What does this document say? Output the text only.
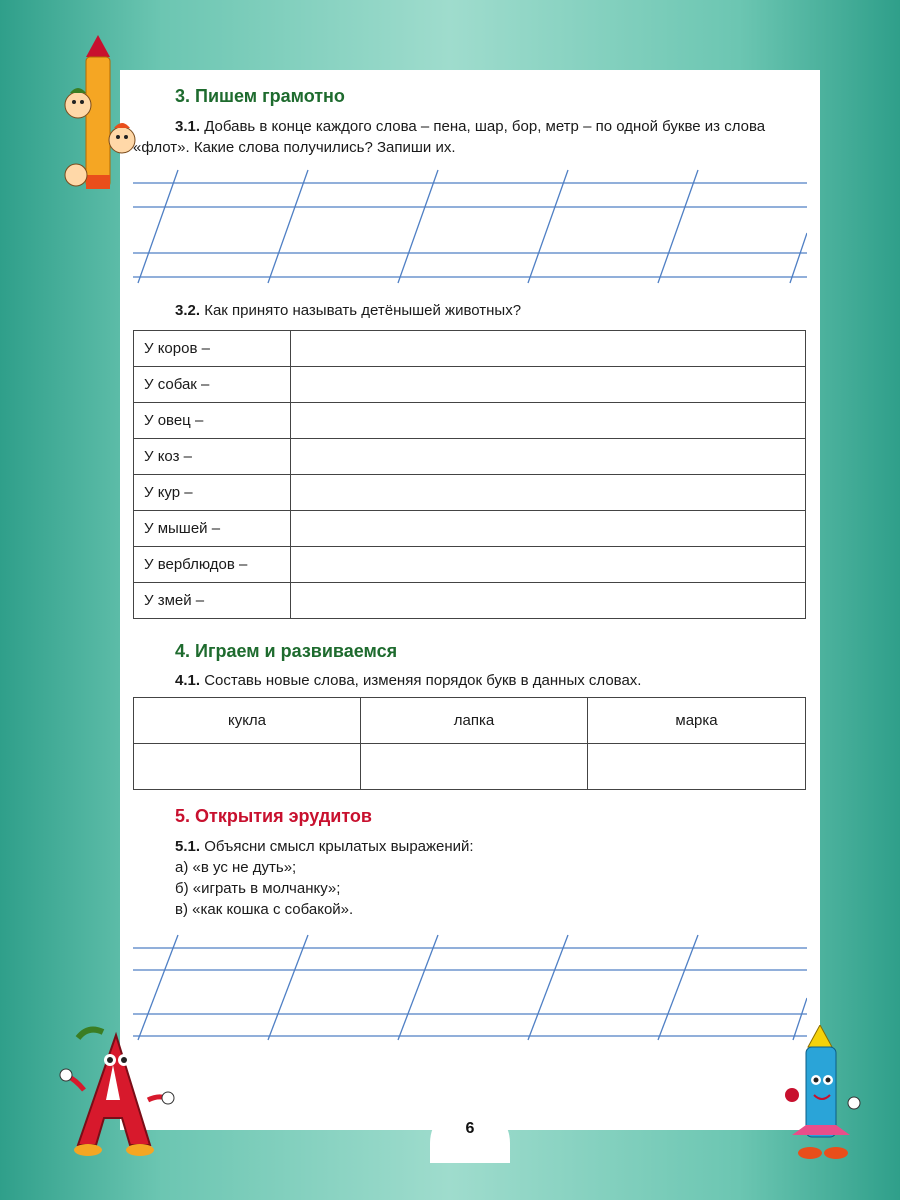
3. Пишем грамотно
3.1. Добавь в конце каждого слова – пена, шар, бор, метр – по одной букве из слова «флот». Какие слова получились? Запиши их.
3.2. Как принято называть детёнышей животных?
У коров –	
У собак –	
У овец –	
У коз –	
У кур –	
У мышей –	
У верблюдов –	
У змей –	
4. Играем и развиваемся
4.1. Составь новые слова, изменяя порядок букв в данных словах.
кукла	лапка	марка

5. Открытия эрудитов
5.1. Объясни смысл крылатых выражений:
а) «в ус не дуть»;
б) «играть в молчанку»;
в) «как кошка с собакой».
6
